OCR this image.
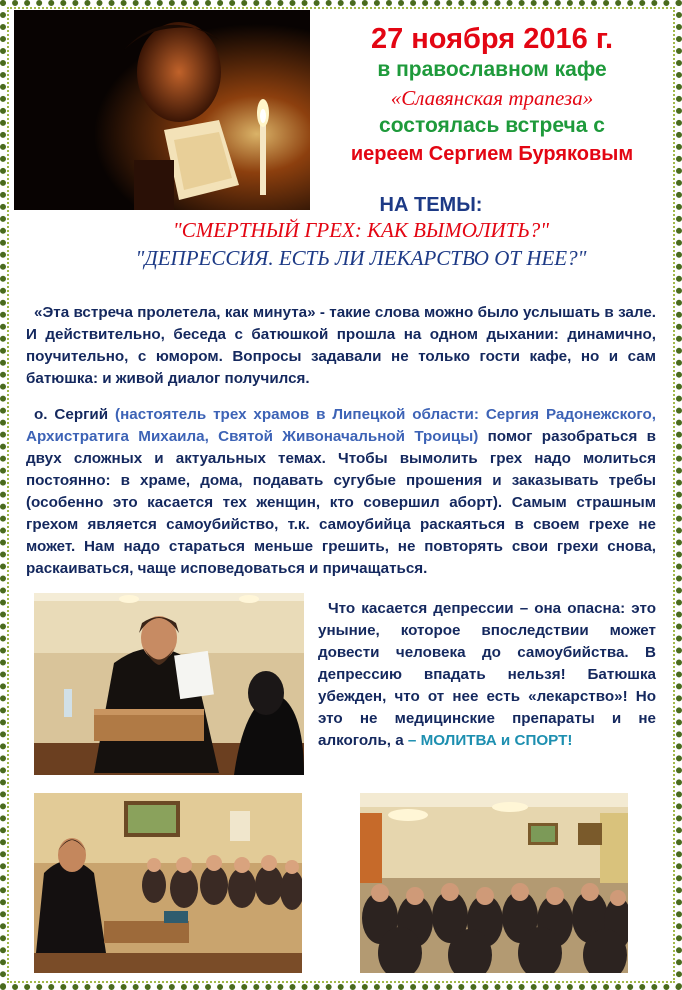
27 ноября 2016 г.
в православном кафе
«Славянская трапеза»
состоялась встреча с
иереем Сергием Буряковым
НА ТЕМЫ:
"СМЕРТНЫЙ ГРЕХ: КАК ВЫМОЛИТЬ?"
"ДЕПРЕССИЯ. ЕСТЬ ЛИ ЛЕКАРСТВО ОТ НЕЕ?"

«Эта встреча пролетела, как минута» - такие слова можно было услышать в зале. И действительно, беседа с батюшкой прошла на одном дыхании: динамично, поучительно, с юмором. Вопросы задавали не только гости кафе, но и сам батюшка: и живой диалог получился.

о. Сергий (настоятель трех храмов в Липецкой области: Сергия Радонежского, Архистратига Михаила, Святой Живоначальной Троицы) помог разобраться в двух сложных и актуальных темах. Чтобы вымолить грех надо молиться постоянно: в храме, дома, подавать сугубые прошения и заказывать требы (особенно это касается тех женщин, кто совершил аборт). Самым страшным грехом является самоубийство, т.к. самоубийца раскаяться в своем грехе не может. Нам надо стараться меньше грешить, не повторять свои грехи снова, раскаиваться, чаще исповедоваться и причащаться.

Что касается депрессии – она опасна: это уныние, которое впоследствии может довести человека до самоубийства. В депрессию впадать нельзя! Батюшка убежден, что от нее есть «лекарство»! Но это не медицинские препараты и не алкоголь, а – МОЛИТВА и СПОРТ!
